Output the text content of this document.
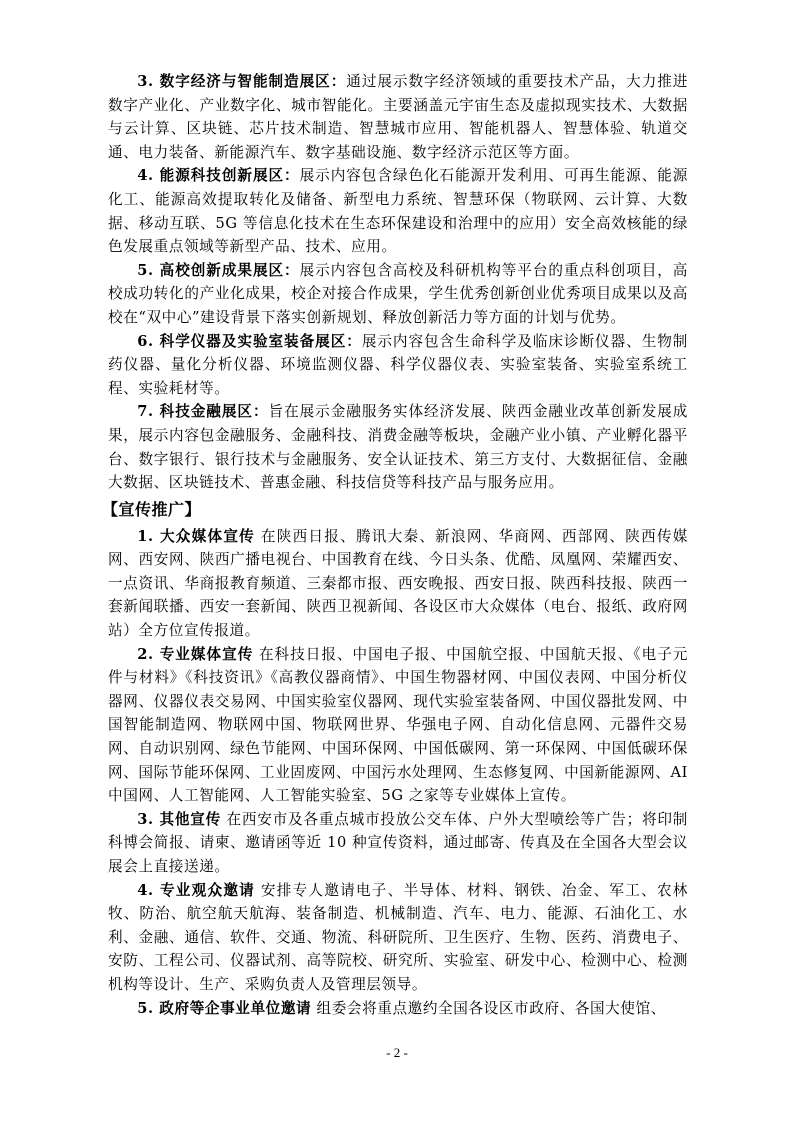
3. 数字经济与智能制造展区：通过展示数字经济领域的重要技术产品，大力推进数字产业化、产业数字化、城市智能化。主要涵盖元宇宙生态及虚拟现实技术、大数据与云计算、区块链、芯片技术制造、智慧城市应用、智能机器人、智慧体验、轨道交通、电力装备、新能源汽车、数字基础设施、数字经济示范区等方面。

4. 能源科技创新展区：展示内容包含绿色化石能源开发利用、可再生能源、能源化工、能源高效提取转化及储备、新型电力系统、智慧环保（物联网、云计算、大数据、移动互联、5G 等信息化技术在生态环保建设和治理中的应用）安全高效核能的绿色发展重点领域等新型产品、技术、应用。

5. 高校创新成果展区：展示内容包含高校及科研机构等平台的重点科创项目，高校成功转化的产业化成果，校企对接合作成果，学生优秀创新创业优秀项目成果以及高校在“双中心”建设背景下落实创新规划、释放创新活力等方面的计划与优势。

6. 科学仪器及实验室装备展区：展示内容包含生命科学及临床诊断仪器、生物制药仪器、量化分析仪器、环境监测仪器、科学仪器仪表、实验室装备、实验室系统工程、实验耗材等。

7. 科技金融展区：旨在展示金融服务实体经济发展、陕西金融业改革创新发展成果，展示内容包金融服务、金融科技、消费金融等板块，金融产业小镇、产业孵化器平台、数字银行、银行技术与金融服务、安全认证技术、第三方支付、大数据征信、金融大数据、区块链技术、普惠金融、科技信贷等科技产品与服务应用。

【宣传推广】

1. 大众媒体宣传 在陕西日报、腾讯大秦、新浪网、华商网、西部网、陕西传媒网、西安网、陕西广播电视台、中国教育在线、今日头条、优酷、凤凰网、荣耀西安、一点资讯、华商报教育频道、三秦都市报、西安晚报、西安日报、陕西科技报、陕西一套新闻联播、西安一套新闻、陕西卫视新闻、各设区市大众媒体（电台、报纸、政府网站）全方位宣传报道。

2. 专业媒体宣传 在科技日报、中国电子报、中国航空报、中国航天报、《电子元件与材料》《科技资讯》《高教仪器商情》、中国生物器材网、中国仪表网、中国分析仪器网、仪器仪表交易网、中国实验室仪器网、现代实验室装备网、中国仪器批发网、中国智能制造网、物联网中国、物联网世界、华强电子网、自动化信息网、元器件交易网、自动识别网、绿色节能网、中国环保网、中国低碳网、第一环保网、中国低碳环保网、国际节能环保网、工业固废网、中国污水处理网、生态修复网、中国新能源网、AI 中国网、人工智能网、人工智能实验室、5G 之家等专业媒体上宣传。

3. 其他宣传 在西安市及各重点城市投放公交车体、户外大型喷绘等广告；将印制科博会简报、请柬、邀请函等近 10 种宣传资料，通过邮寄、传真及在全国各大型会议展会上直接送递。

4. 专业观众邀请 安排专人邀请电子、半导体、材料、钢铁、冶金、军工、农林牧、防治、航空航天航海、装备制造、机械制造、汽车、电力、能源、石油化工、水利、金融、通信、软件、交通、物流、科研院所、卫生医疗、生物、医药、消费电子、安防、工程公司、仪器试剂、高等院校、研究所、实验室、研发中心、检测中心、检测机构等设计、生产、采购负责人及管理层领导。

5. 政府等企事业单位邀请 组委会将重点邀约全国各设区市政府、各国大使馆、

- 2 -
